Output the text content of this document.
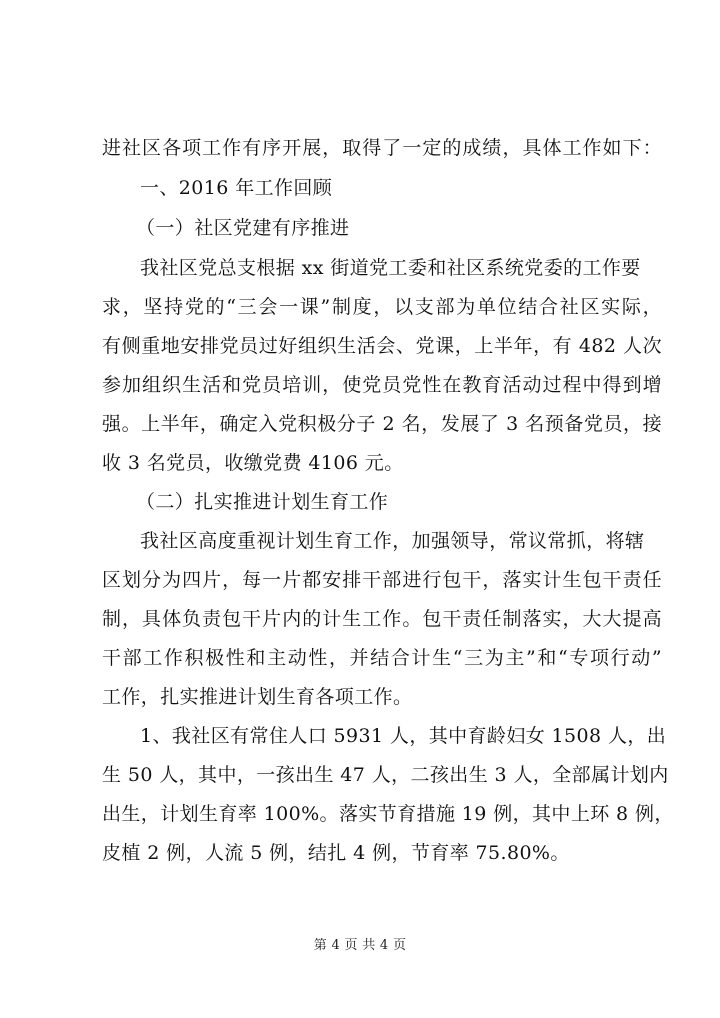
进社区各项工作有序开展，取得了一定的成绩，具体工作如下：
一、2016 年工作回顾
（一）社区党建有序推进
我社区党总支根据 xx 街道党工委和社区系统党委的工作要
求，坚持党的“三会一课”制度，以支部为单位结合社区实际，
有侧重地安排党员过好组织生活会、党课，上半年，有 482 人次
参加组织生活和党员培训，使党员党性在教育活动过程中得到增
强。上半年，确定入党积极分子 2 名，发展了 3 名预备党员，接
收 3 名党员，收缴党费 4106 元。
（二）扎实推进计划生育工作
我社区高度重视计划生育工作，加强领导，常议常抓，将辖
区划分为四片，每一片都安排干部进行包干，落实计生包干责任
制，具体负责包干片内的计生工作。包干责任制落实，大大提高
干部工作积极性和主动性，并结合计生“三为主”和“专项行动”
工作，扎实推进计划生育各项工作。
1、我社区有常住人口 5931 人，其中育龄妇女 1508 人，出
生 50 人，其中，一孩出生 47 人，二孩出生 3 人，全部属计划内
出生，计划生育率 100%。落实节育措施 19 例，其中上环 8 例，
皮植 2 例，人流 5 例，结扎 4 例，节育率 75.80%。
第 4 页 共 4 页
